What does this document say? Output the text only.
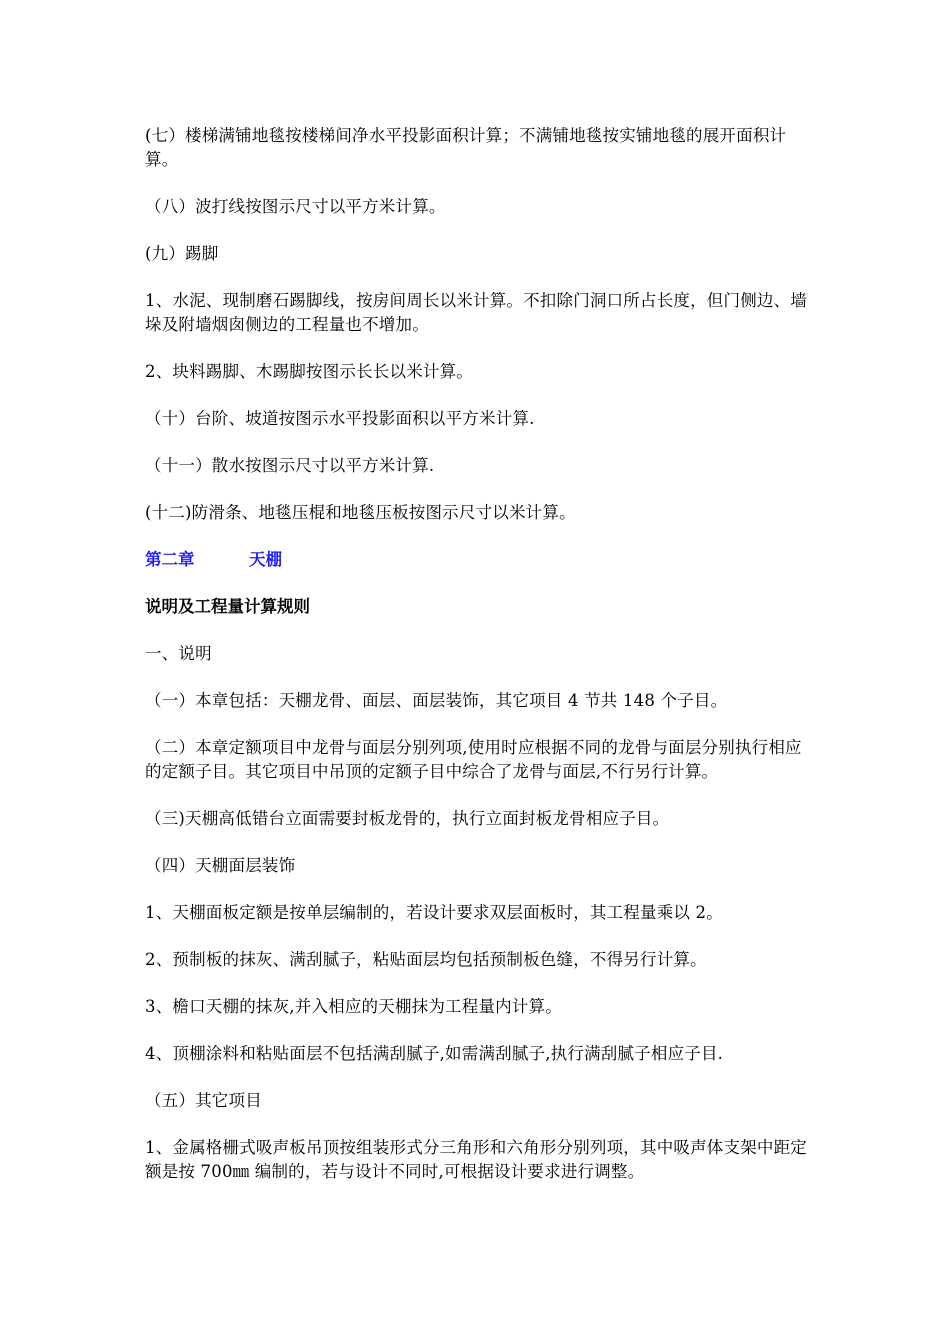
(七）楼梯满铺地毯按楼梯间净水平投影面积计算；不满铺地毯按实铺地毯的展开面积计算。

（八）波打线按图示尺寸以平方米计算。

(九）踢脚

1、水泥、现制磨石踢脚线，按房间周长以米计算。不扣除门洞口所占长度，但门侧边、墙垛及附墙烟囱侧边的工程量也不增加。

2、块料踢脚、木踢脚按图示长长以米计算。

（十）台阶、坡道按图示水平投影面积以平方米计算.

（十一）散水按图示尺寸以平方米计算.

(十二)防滑条、地毯压棍和地毯压板按图示尺寸以米计算。

第二章	天棚
说明及工程量计算规则

一、说明

（一）本章包括：天棚龙骨、面层、面层装饰，其它项目 4 节共 148 个子目。

（二）本章定额项目中龙骨与面层分别列项,使用时应根据不同的龙骨与面层分别执行相应的定额子目。其它项目中吊顶的定额子目中综合了龙骨与面层,不行另行计算。

（三)天棚高低错台立面需要封板龙骨的，执行立面封板龙骨相应子目。

（四）天棚面层装饰

1、天棚面板定额是按单层编制的，若设计要求双层面板时，其工程量乘以 2。

2、预制板的抹灰、满刮腻子，粘贴面层均包括预制板色缝，不得另行计算。

3、檐口天棚的抹灰,并入相应的天棚抹为工程量内计算。

4、顶棚涂料和粘贴面层不包括满刮腻子,如需满刮腻子,执行满刮腻子相应子目.

（五）其它项目

1、金属格栅式吸声板吊顶按组装形式分三角形和六角形分别列项，其中吸声体支架中距定额是按 700㎜ 编制的，若与设计不同时,可根据设计要求进行调整。
